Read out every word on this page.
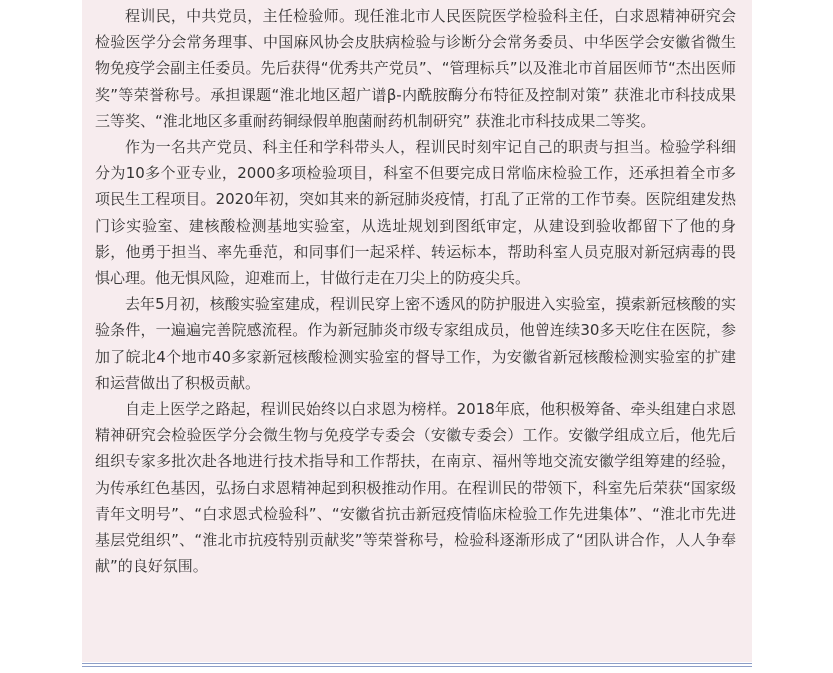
程训民，中共党员，主任检验师。现任淮北市人民医院医学检验科主任，白求恩精神研究会检验医学分会常务理事、中国麻风协会皮肤病检验与诊断分会常务委员、中华医学会安徽省微生物免疫学会副主任委员。先后获得“优秀共产党员”、“管理标兵”以及淮北市首届医师节“杰出医师奖”等荣誉称号。承担课题“淮北地区超广谱β-内酰胺酶分布特征及控制对策” 获淮北市科技成果三等奖、“淮北地区多重耐药铜绿假单胞菌耐药机制研究” 获淮北市科技成果二等奖。

作为一名共产党员、科主任和学科带头人，程训民时刻牢记自己的职责与担当。检验学科细分为10多个亚专业，2000多项检验项目，科室不但要完成日常临床检验工作，还承担着全市多项民生工程项目。2020年初，突如其来的新冠肺炎疫情，打乱了正常的工作节奏。医院组建发热门诊实验室、建核酸检测基地实验室，从选址规划到图纸审定，从建设到验收都留下了他的身影，他勇于担当、率先垂范，和同事们一起采样、转运标本，帮助科室人员克服对新冠病毒的畏惧心理。他无惧风险，迎难而上，甘做行走在刀尖上的防疫尖兵。

去年5月初，核酸实验室建成，程训民穿上密不透风的防护服进入实验室，摸索新冠核酸的实验条件，一遍遍完善院感流程。作为新冠肺炎市级专家组成员，他曾连续30多天吃住在医院，参加了皖北4个地市40多家新冠核酸检测实验室的督导工作，为安徽省新冠核酸检测实验室的扩建和运营做出了积极贡献。

自走上医学之路起，程训民始终以白求恩为榜样。2018年底，他积极筹备、牵头组建白求恩精神研究会检验医学分会微生物与免疫学专委会（安徽专委会）工作。安徽学组成立后，他先后组织专家多批次赴各地进行技术指导和工作帮扶，在南京、福州等地交流安徽学组筹建的经验，为传承红色基因，弘扬白求恩精神起到积极推动作用。在程训民的带领下，科室先后荣获“国家级青年文明号”、“白求恩式检验科”、“安徽省抗击新冠疫情临床检验工作先进集体”、“淮北市先进基层党组织”、“淮北市抗疫特别贡献奖”等荣誉称号，检验科逐渐形成了“团队讲合作，人人争奉献”的良好氛围。
